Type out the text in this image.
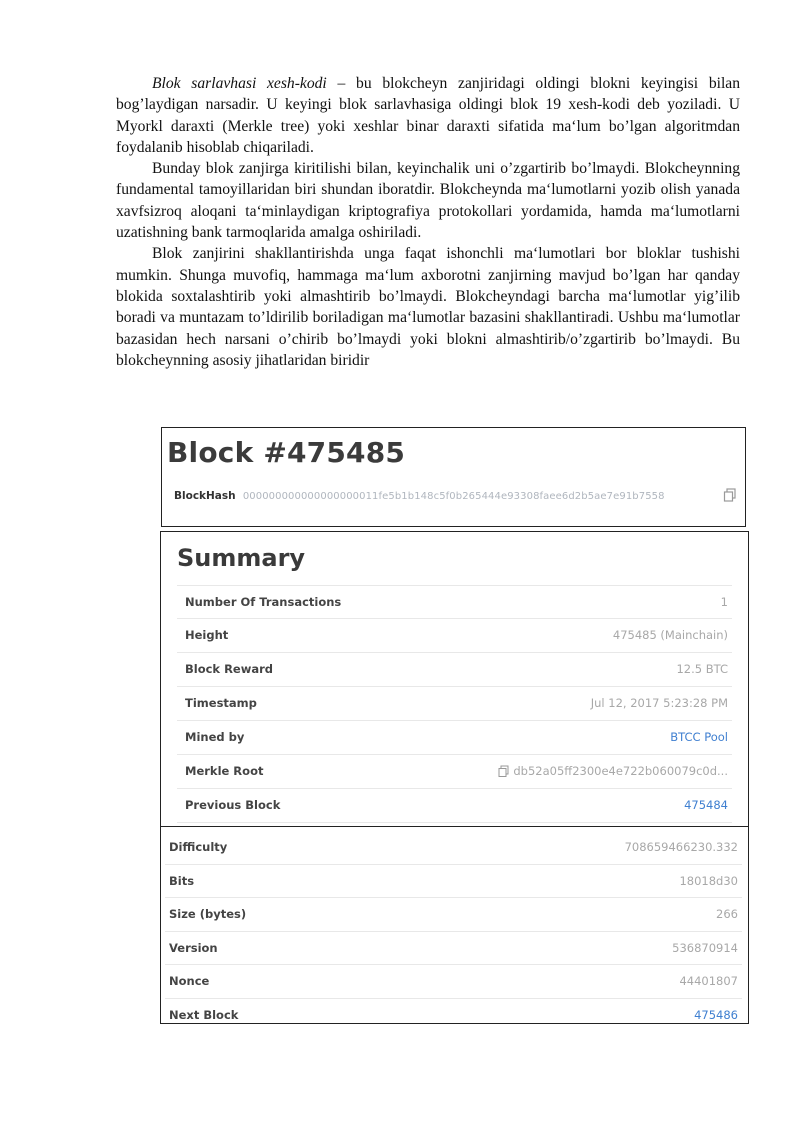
Blok sarlavhasi xesh-kodi – bu blokcheyn zanjiridagi oldingi blokni keyingisi bilan bog’laydigan narsadir. U keyingi blok sarlavhasiga oldingi blok 19 xesh-kodi deb yoziladi. U Myorkl daraxti (Merkle tree) yoki xeshlar binar daraxti sifatida ma‘lum bo’lgan algoritmdan foydalanib hisoblab chiqariladi.

Bunday blok zanjirga kiritilishi bilan, keyinchalik uni o’zgartirib bo’lmaydi. Blokcheynning fundamental tamoyillaridan biri shundan iboratdir. Blokcheynda ma‘lumotlarni yozib olish yanada xavfsizroq aloqani ta‘minlaydigan kriptografiya protokollari yordamida, hamda ma‘lumotlarni uzatishning bank tarmoqlarida amalga oshiriladi.

Blok zanjirini shakllantirishda unga faqat ishonchli ma‘lumotlari bor bloklar tushishi mumkin. Shunga muvofiq, hammaga ma‘lum axborotni zanjirning mavjud bo’lgan har qanday blokida soxtalashtirib yoki almashtirib bo’lmaydi. Blokcheyndagi barcha ma‘lumotlar yig’ilib boradi va muntazam to’ldirilib boriladigan ma‘lumotlar bazasini shakllantiradi. Ushbu ma‘lumotlar bazasidan hech narsani o’chirib bo’lmaydi yoki blokni almashtirib/o’zgartirib bo’lmaydi. Bu blokcheynning asosiy jihatlaridan biridir

Block #475485
BlockHash 000000000000000000011fe5b1b148c5f0b265444e93308faee6d2b5ae7e91b7558
Summary
Number Of Transactions	1
Height	475485 (Mainchain)
Block Reward	12.5 BTC
Timestamp	Jul 12, 2017 5:23:28 PM
Mined by	BTCC Pool
Merkle Root	db52a05ff2300e4e722b060079c0d...
Previous Block	475484
Difficulty	708659466230.332
Bits	18018d30
Size (bytes)	266
Version	536870914
Nonce	44401807
Next Block	475486
